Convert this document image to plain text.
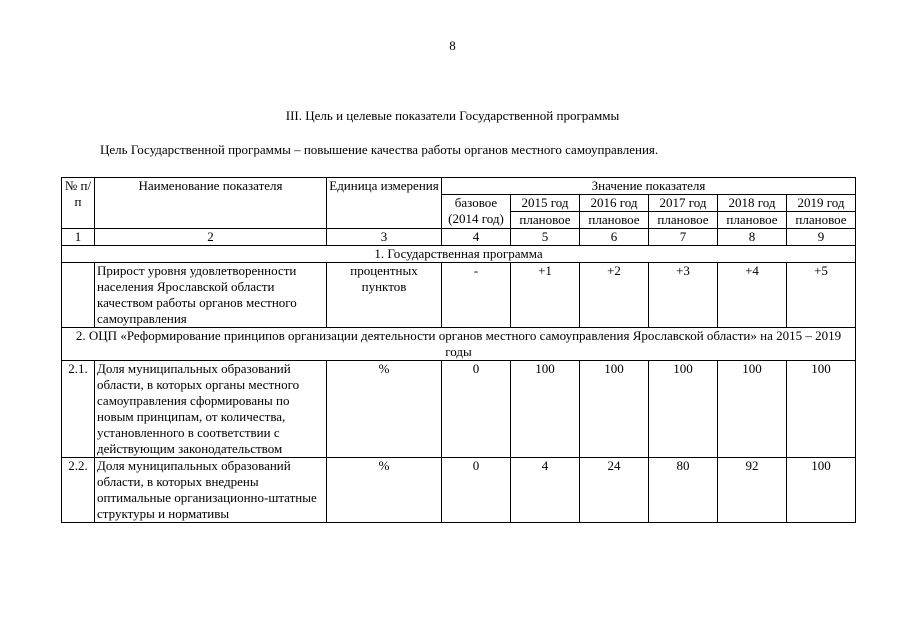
8
III. Цель и целевые показатели Государственной программы
Цель Государственной программы – повышение качества работы органов местного самоуправления.
№ п/п	Наименование показателя	Единица измерения	Значение показателя					
			базовое (2014 год)	2015 год	2016 год	2017 год	2018 год	2019 год
				плановое	плановое	плановое	плановое	плановое
1	2	3	4	5	6	7	8	9
1. Государственная программа								
	Прирост уровня удовлетворенности населения Ярославской области качеством работы органов местного самоуправления	процентных пунктов	-	+1	+2	+3	+4	+5
2. ОЦП «Реформирование принципов организации деятельности органов местного самоуправления Ярославской области» на 2015 – 2019 годы								
2.1.	Доля муниципальных образований области, в которых органы местного самоуправления сформированы по новым принципам, от количества, установленного в соответствии с действующим законодательством	%	0	100	100	100	100	100
2.2.	Доля муниципальных образований области, в которых внедрены оптимальные организационно-штатные структуры и нормативы	%	0	4	24	80	92	100
